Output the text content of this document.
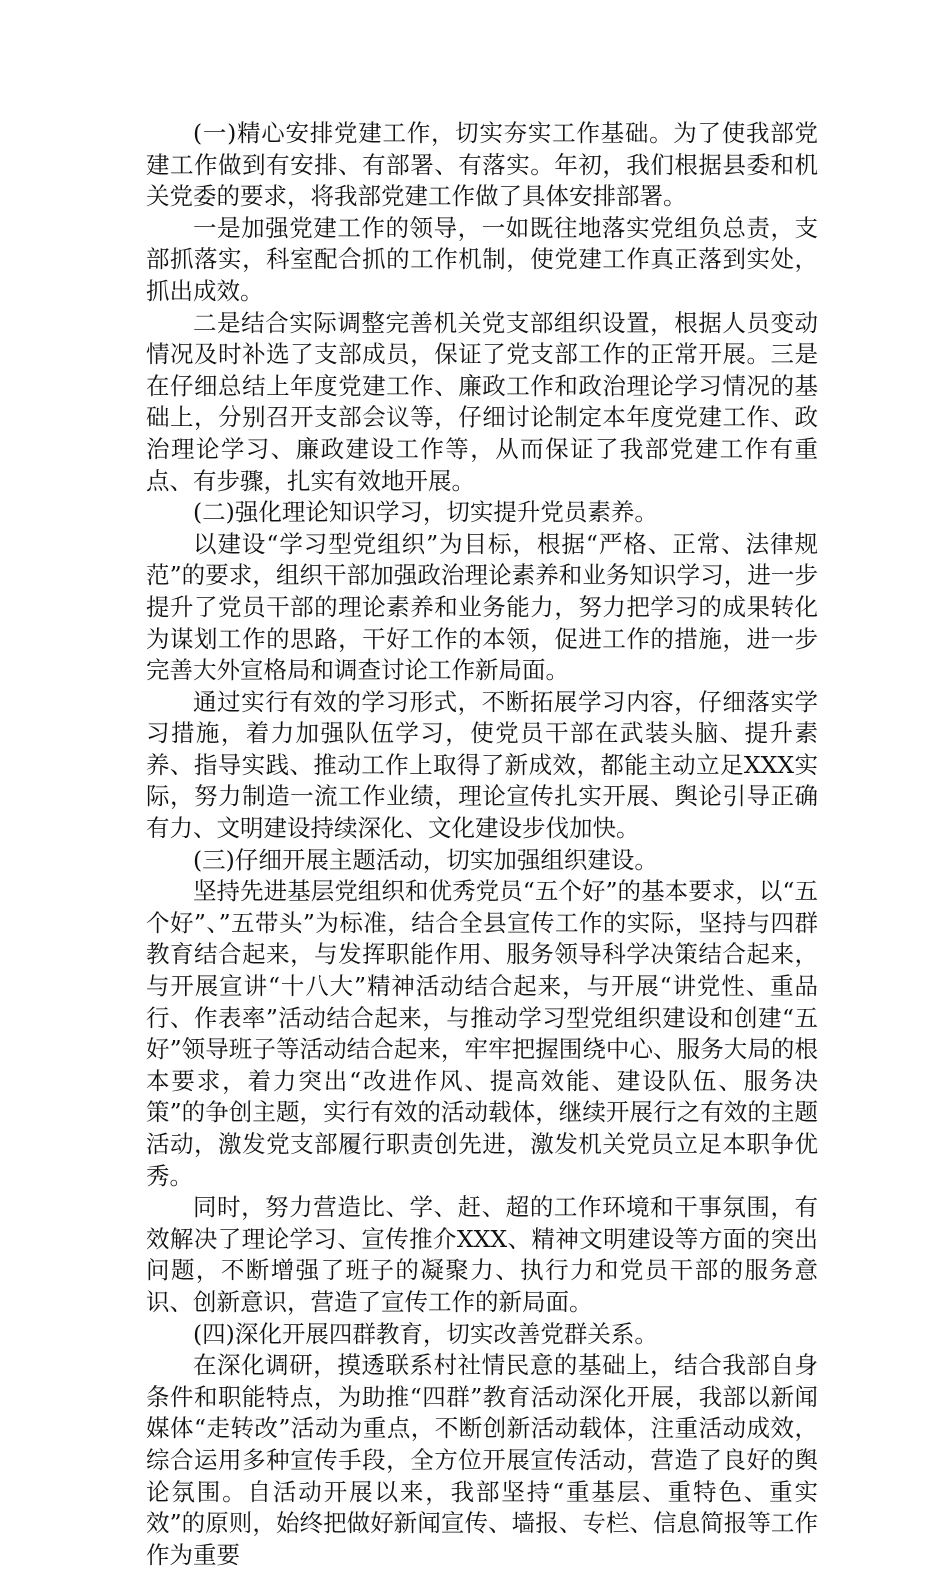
(一)精心安排党建工作，切实夯实工作基础。为了使我部党建工作做到有安排、有部署、有落实。年初，我们根据县委和机关党委的要求，将我部党建工作做了具体安排部署。

一是加强党建工作的领导，一如既往地落实党组负总责，支部抓落实，科室配合抓的工作机制，使党建工作真正落到实处，抓出成效。

二是结合实际调整完善机关党支部组织设置，根据人员变动情况及时补选了支部成员，保证了党支部工作的正常开展。三是在仔细总结上年度党建工作、廉政工作和政治理论学习情况的基础上，分别召开支部会议等，仔细讨论制定本年度党建工作、政治理论学习、廉政建设工作等，从而保证了我部党建工作有重点、有步骤，扎实有效地开展。

(二)强化理论知识学习，切实提升党员素养。

以建设“学习型党组织”为目标，根据“严格、正常、法律规范”的要求，组织干部加强政治理论素养和业务知识学习，进一步提升了党员干部的理论素养和业务能力，努力把学习的成果转化为谋划工作的思路，干好工作的本领，促进工作的措施，进一步完善大外宣格局和调查讨论工作新局面。

通过实行有效的学习形式，不断拓展学习内容，仔细落实学习措施，着力加强队伍学习，使党员干部在武装头脑、提升素养、指导实践、推动工作上取得了新成效，都能主动立足XXX实际，努力制造一流工作业绩，理论宣传扎实开展、舆论引导正确有力、文明建设持续深化、文化建设步伐加快。

(三)仔细开展主题活动，切实加强组织建设。

坚持先进基层党组织和优秀党员“五个好”的基本要求，以“五个好”、”五带头”为标准，结合全县宣传工作的实际，坚持与四群教育结合起来，与发挥职能作用、服务领导科学决策结合起来，与开展宣讲“十八大”精神活动结合起来，与开展“讲党性、重品行、作表率”活动结合起来，与推动学习型党组织建设和创建“五好”领导班子等活动结合起来，牢牢把握围绕中心、服务大局的根本要求，着力突出“改进作风、提高效能、建设队伍、服务决策”的争创主题，实行有效的活动载体，继续开展行之有效的主题活动，激发党支部履行职责创先进，激发机关党员立足本职争优秀。

同时，努力营造比、学、赶、超的工作环境和干事氛围，有效解决了理论学习、宣传推介XXX、精神文明建设等方面的突出问题，不断增强了班子的凝聚力、执行力和党员干部的服务意识、创新意识，营造了宣传工作的新局面。

(四)深化开展四群教育，切实改善党群关系。

在深化调研，摸透联系村社情民意的基础上，结合我部自身条件和职能特点，为助推“四群”教育活动深化开展，我部以新闻媒体“走转改”活动为重点，不断创新活动载体，注重活动成效，综合运用多种宣传手段，全方位开展宣传活动，营造了良好的舆论氛围。自活动开展以来，我部坚持“重基层、重特色、重实效”的原则，始终把做好新闻宣传、墙报、专栏、信息简报等工作作为重要
